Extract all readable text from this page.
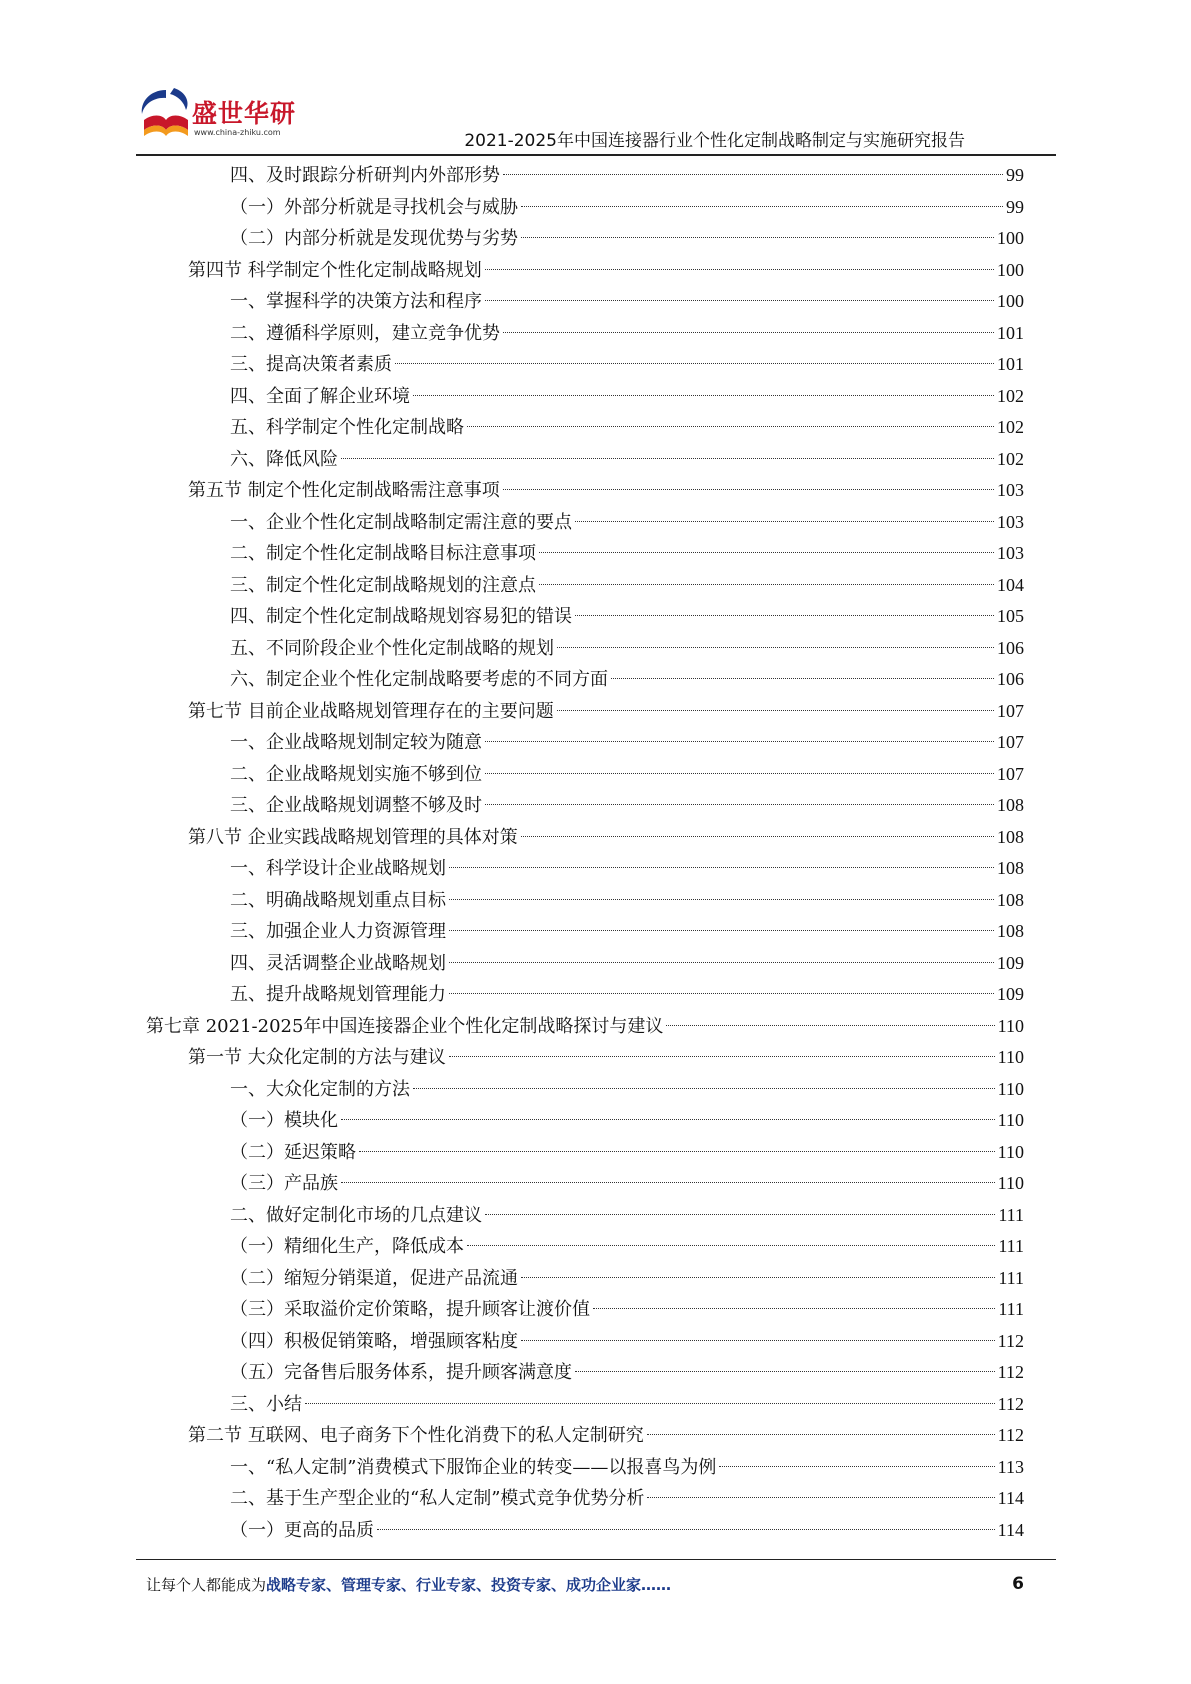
盛世华研
www.china-zhiku.com	2021-2025年中国连接器行业个性化定制战略制定与实施研究报告
四、及时跟踪分析研判内外部形势	99
（一）外部分析就是寻找机会与威胁	99
（二）内部分析就是发现优势与劣势	100
第四节 科学制定个性化定制战略规划	100
一、掌握科学的决策方法和程序	100
二、遵循科学原则，建立竞争优势	101
三、提高决策者素质	101
四、全面了解企业环境	102
五、科学制定个性化定制战略	102
六、降低风险	102
第五节 制定个性化定制战略需注意事项	103
一、企业个性化定制战略制定需注意的要点	103
二、制定个性化定制战略目标注意事项	103
三、制定个性化定制战略规划的注意点	104
四、制定个性化定制战略规划容易犯的错误	105
五、不同阶段企业个性化定制战略的规划	106
六、制定企业个性化定制战略要考虑的不同方面	106
第七节 目前企业战略规划管理存在的主要问题	107
一、企业战略规划制定较为随意	107
二、企业战略规划实施不够到位	107
三、企业战略规划调整不够及时	108
第八节 企业实践战略规划管理的具体对策	108
一、科学设计企业战略规划	108
二、明确战略规划重点目标	108
三、加强企业人力资源管理	108
四、灵活调整企业战略规划	109
五、提升战略规划管理能力	109
第七章 2021-2025年中国连接器企业个性化定制战略探讨与建议	110
第一节 大众化定制的方法与建议	110
一、大众化定制的方法	110
（一）模块化	110
（二）延迟策略	110
（三）产品族	110
二、做好定制化市场的几点建议	111
（一）精细化生产，降低成本	111
（二）缩短分销渠道，促进产品流通	111
（三）采取溢价定价策略，提升顾客让渡价值	111
（四）积极促销策略，增强顾客粘度	112
（五）完备售后服务体系，提升顾客满意度	112
三、小结	112
第二节 互联网、电子商务下个性化消费下的私人定制研究	112
一、“私人定制”消费模式下服饰企业的转变——以报喜鸟为例	113
二、基于生产型企业的“私人定制”模式竞争优势分析	114
（一）更高的品质	114
让每个人都能成为战略专家、管理专家、行业专家、投资专家、成功企业家……	6
